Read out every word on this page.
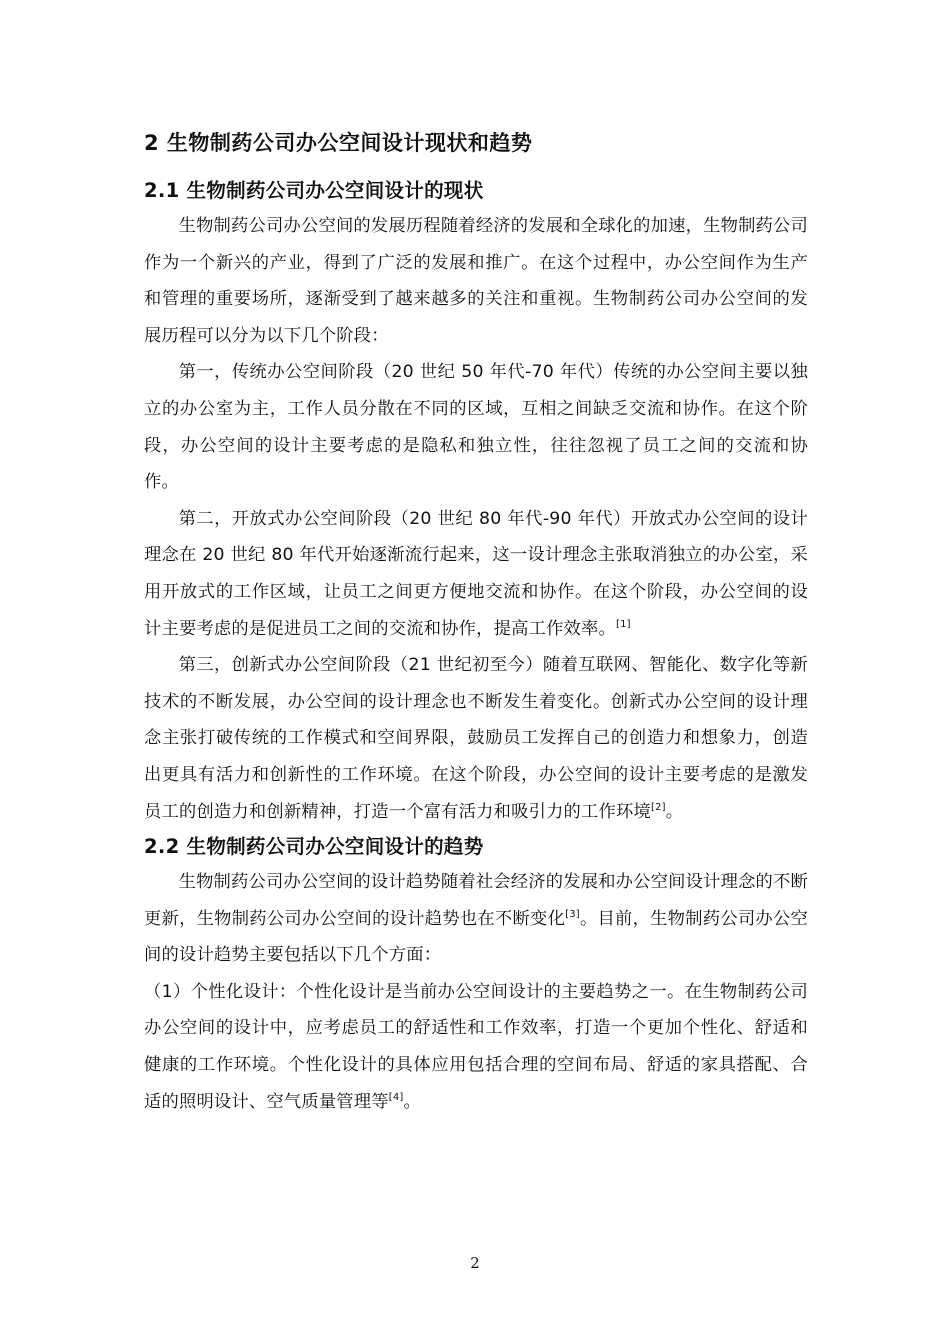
2 生物制药公司办公空间设计现状和趋势
2.1 生物制药公司办公空间设计的现状

生物制药公司办公空间的发展历程随着经济的发展和全球化的加速，生物制药公司作为一个新兴的产业，得到了广泛的发展和推广。在这个过程中，办公空间作为生产和管理的重要场所，逐渐受到了越来越多的关注和重视。生物制药公司办公空间的发展历程可以分为以下几个阶段：

第一，传统办公空间阶段（20 世纪 50 年代-70 年代）传统的办公空间主要以独立的办公室为主，工作人员分散在不同的区域，互相之间缺乏交流和协作。在这个阶段，办公空间的设计主要考虑的是隐私和独立性，往往忽视了员工之间的交流和协作。

第二，开放式办公空间阶段（20 世纪 80 年代-90 年代）开放式办公空间的设计理念在 20 世纪 80 年代开始逐渐流行起来，这一设计理念主张取消独立的办公室，采用开放式的工作区域，让员工之间更方便地交流和协作。在这个阶段，办公空间的设计主要考虑的是促进员工之间的交流和协作，提高工作效率。[1]

第三，创新式办公空间阶段（21 世纪初至今）随着互联网、智能化、数字化等新技术的不断发展，办公空间的设计理念也不断发生着变化。创新式办公空间的设计理念主张打破传统的工作模式和空间界限，鼓励员工发挥自己的创造力和想象力，创造出更具有活力和创新性的工作环境。在这个阶段，办公空间的设计主要考虑的是激发员工的创造力和创新精神，打造一个富有活力和吸引力的工作环境[2]。

2.2 生物制药公司办公空间设计的趋势

生物制药公司办公空间的设计趋势随着社会经济的发展和办公空间设计理念的不断更新，生物制药公司办公空间的设计趋势也在不断变化[3]。目前，生物制药公司办公空间的设计趋势主要包括以下几个方面：

（1）个性化设计：个性化设计是当前办公空间设计的主要趋势之一。在生物制药公司办公空间的设计中，应考虑员工的舒适性和工作效率，打造一个更加个性化、舒适和健康的工作环境。个性化设计的具体应用包括合理的空间布局、舒适的家具搭配、合适的照明设计、空气质量管理等[4]。

2
